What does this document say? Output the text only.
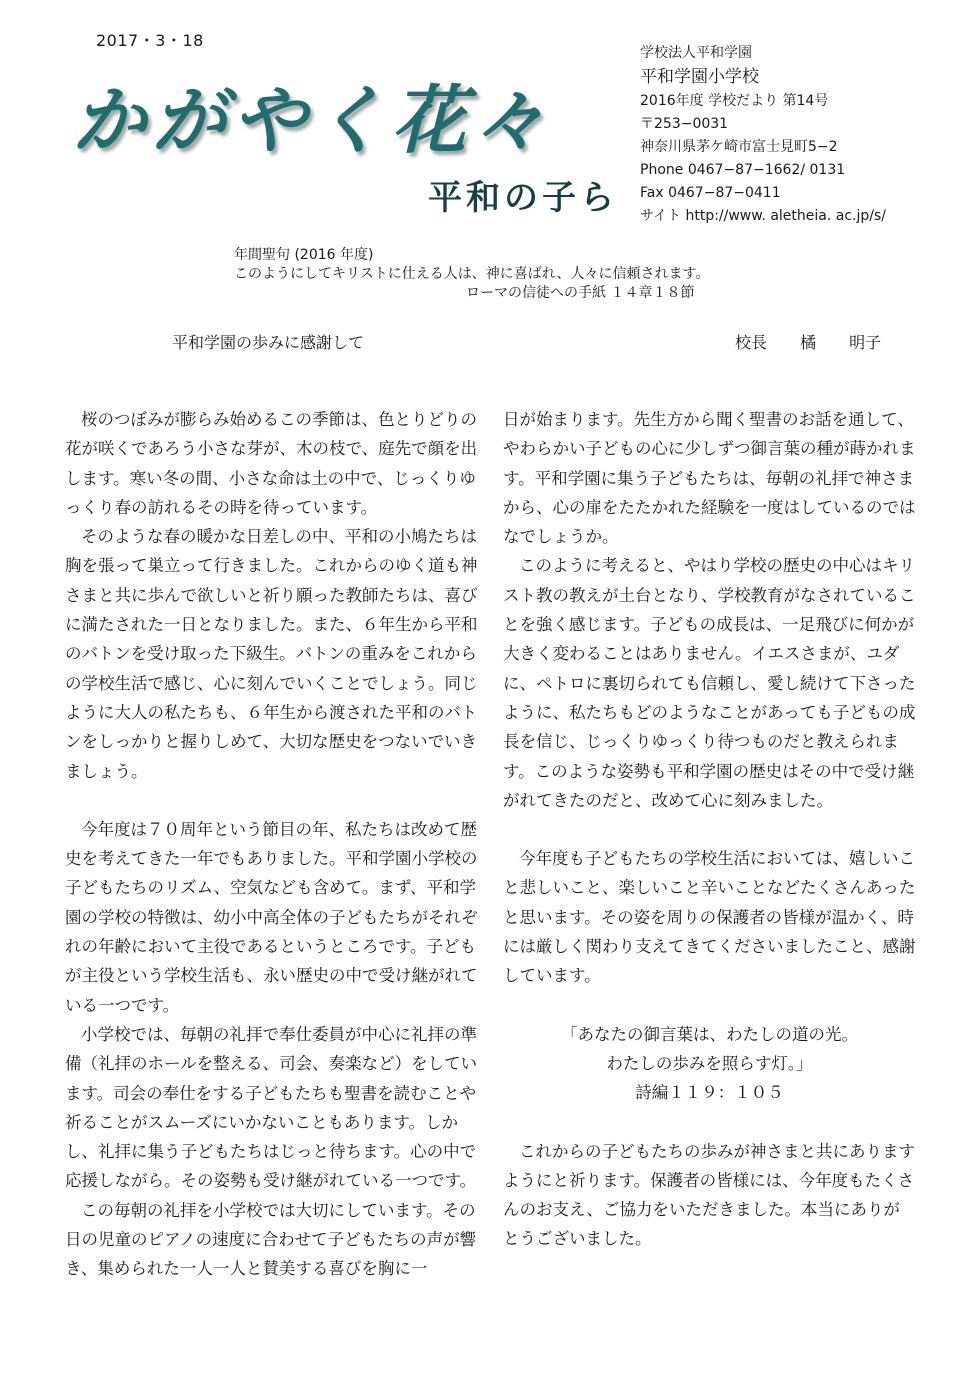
2017・3・18
かがやく花々
平和の子ら
学校法人平和学園
平和学園小学校
2016年度 学校だより 第14号
〒253−0031
神奈川県茅ケ崎市富士見町5−2
Phone 0467−87−1662/ 0131
Fax 0467−87−0411
サイト http://www. aletheia. ac.jp/s/
年間聖句 (2016 年度)
このようにしてキリストに仕える人は、神に喜ばれ、人々に信頼されます。
ローマの信徒への手紙 １４章１８節
平和学園の歩みに感謝して	校長 橘 明子

桜のつぼみが膨らみ始めるこの季節は、色とりどりの花が咲くであろう小さな芽が、木の枝で、庭先で顔を出します。寒い冬の間、小さな命は土の中で、じっくりゆっくり春の訪れるその時を待っています。

そのような春の暖かな日差しの中、平和の小鳩たちは胸を張って巣立って行きました。これからのゆく道も神さまと共に歩んで欲しいと祈り願った教師たちは、喜びに満たされた一日となりました。また、６年生から平和のバトンを受け取った下級生。バトンの重みをこれからの学校生活で感じ、心に刻んでいくことでしょう。同じように大人の私たちも、６年生から渡された平和のバトンをしっかりと握りしめて、大切な歴史をつないでいきましょう。

今年度は７０周年という節目の年、私たちは改めて歴史を考えてきた一年でもありました。平和学園小学校の子どもたちのリズム、空気なども含めて。まず、平和学園の学校の特徴は、幼小中高全体の子どもたちがそれぞれの年齢において主役であるというところです。子どもが主役という学校生活も、永い歴史の中で受け継がれている一つです。

小学校では、毎朝の礼拝で奉仕委員が中心に礼拝の準備（礼拝のホールを整える、司会、奏楽など）をしています。司会の奉仕をする子どもたちも聖書を読むことや祈ることがスムーズにいかないこともあります。しかし、礼拝に集う子どもたちはじっと待ちます。心の中で応援しながら。その姿勢も受け継がれている一つです。

この毎朝の礼拝を小学校では大切にしています。その日の児童のピアノの速度に合わせて子どもたちの声が響き、集められた一人一人と賛美する喜びを胸に一

日が始まります。先生方から聞く聖書のお話を通して、やわらかい子どもの心に少しずつ御言葉の種が蒔かれます。平和学園に集う子どもたちは、毎朝の礼拝で神さまから、心の扉をたたかれた経験を一度はしているのではなでしょうか。

このように考えると、やはり学校の歴史の中心はキリスト教の教えが土台となり、学校教育がなされていることを強く感じます。子どもの成長は、一足飛びに何かが大きく変わることはありません。イエスさまが、ユダに、ペトロに裏切られても信頼し、愛し続けて下さったように、私たちもどのようなことがあっても子どもの成長を信じ、じっくりゆっくり待つものだと教えられます。このような姿勢も平和学園の歴史はその中で受け継がれてきたのだと、改めて心に刻みました。

今年度も子どもたちの学校生活においては、嬉しいこと悲しいこと、楽しいこと辛いことなどたくさんあったと思います。その姿を周りの保護者の皆様が温かく、時には厳しく関わり支えてきてくださいましたこと、感謝しています。

「あなたの御言葉は、わたしの道の光。

わたしの歩みを照らす灯。」

詩編１１９：１０５

これからの子どもたちの歩みが神さまと共にありますようにと祈ります。保護者の皆様には、今年度もたくさんのお支え、ご協力をいただきました。本当にありがとうございました。
